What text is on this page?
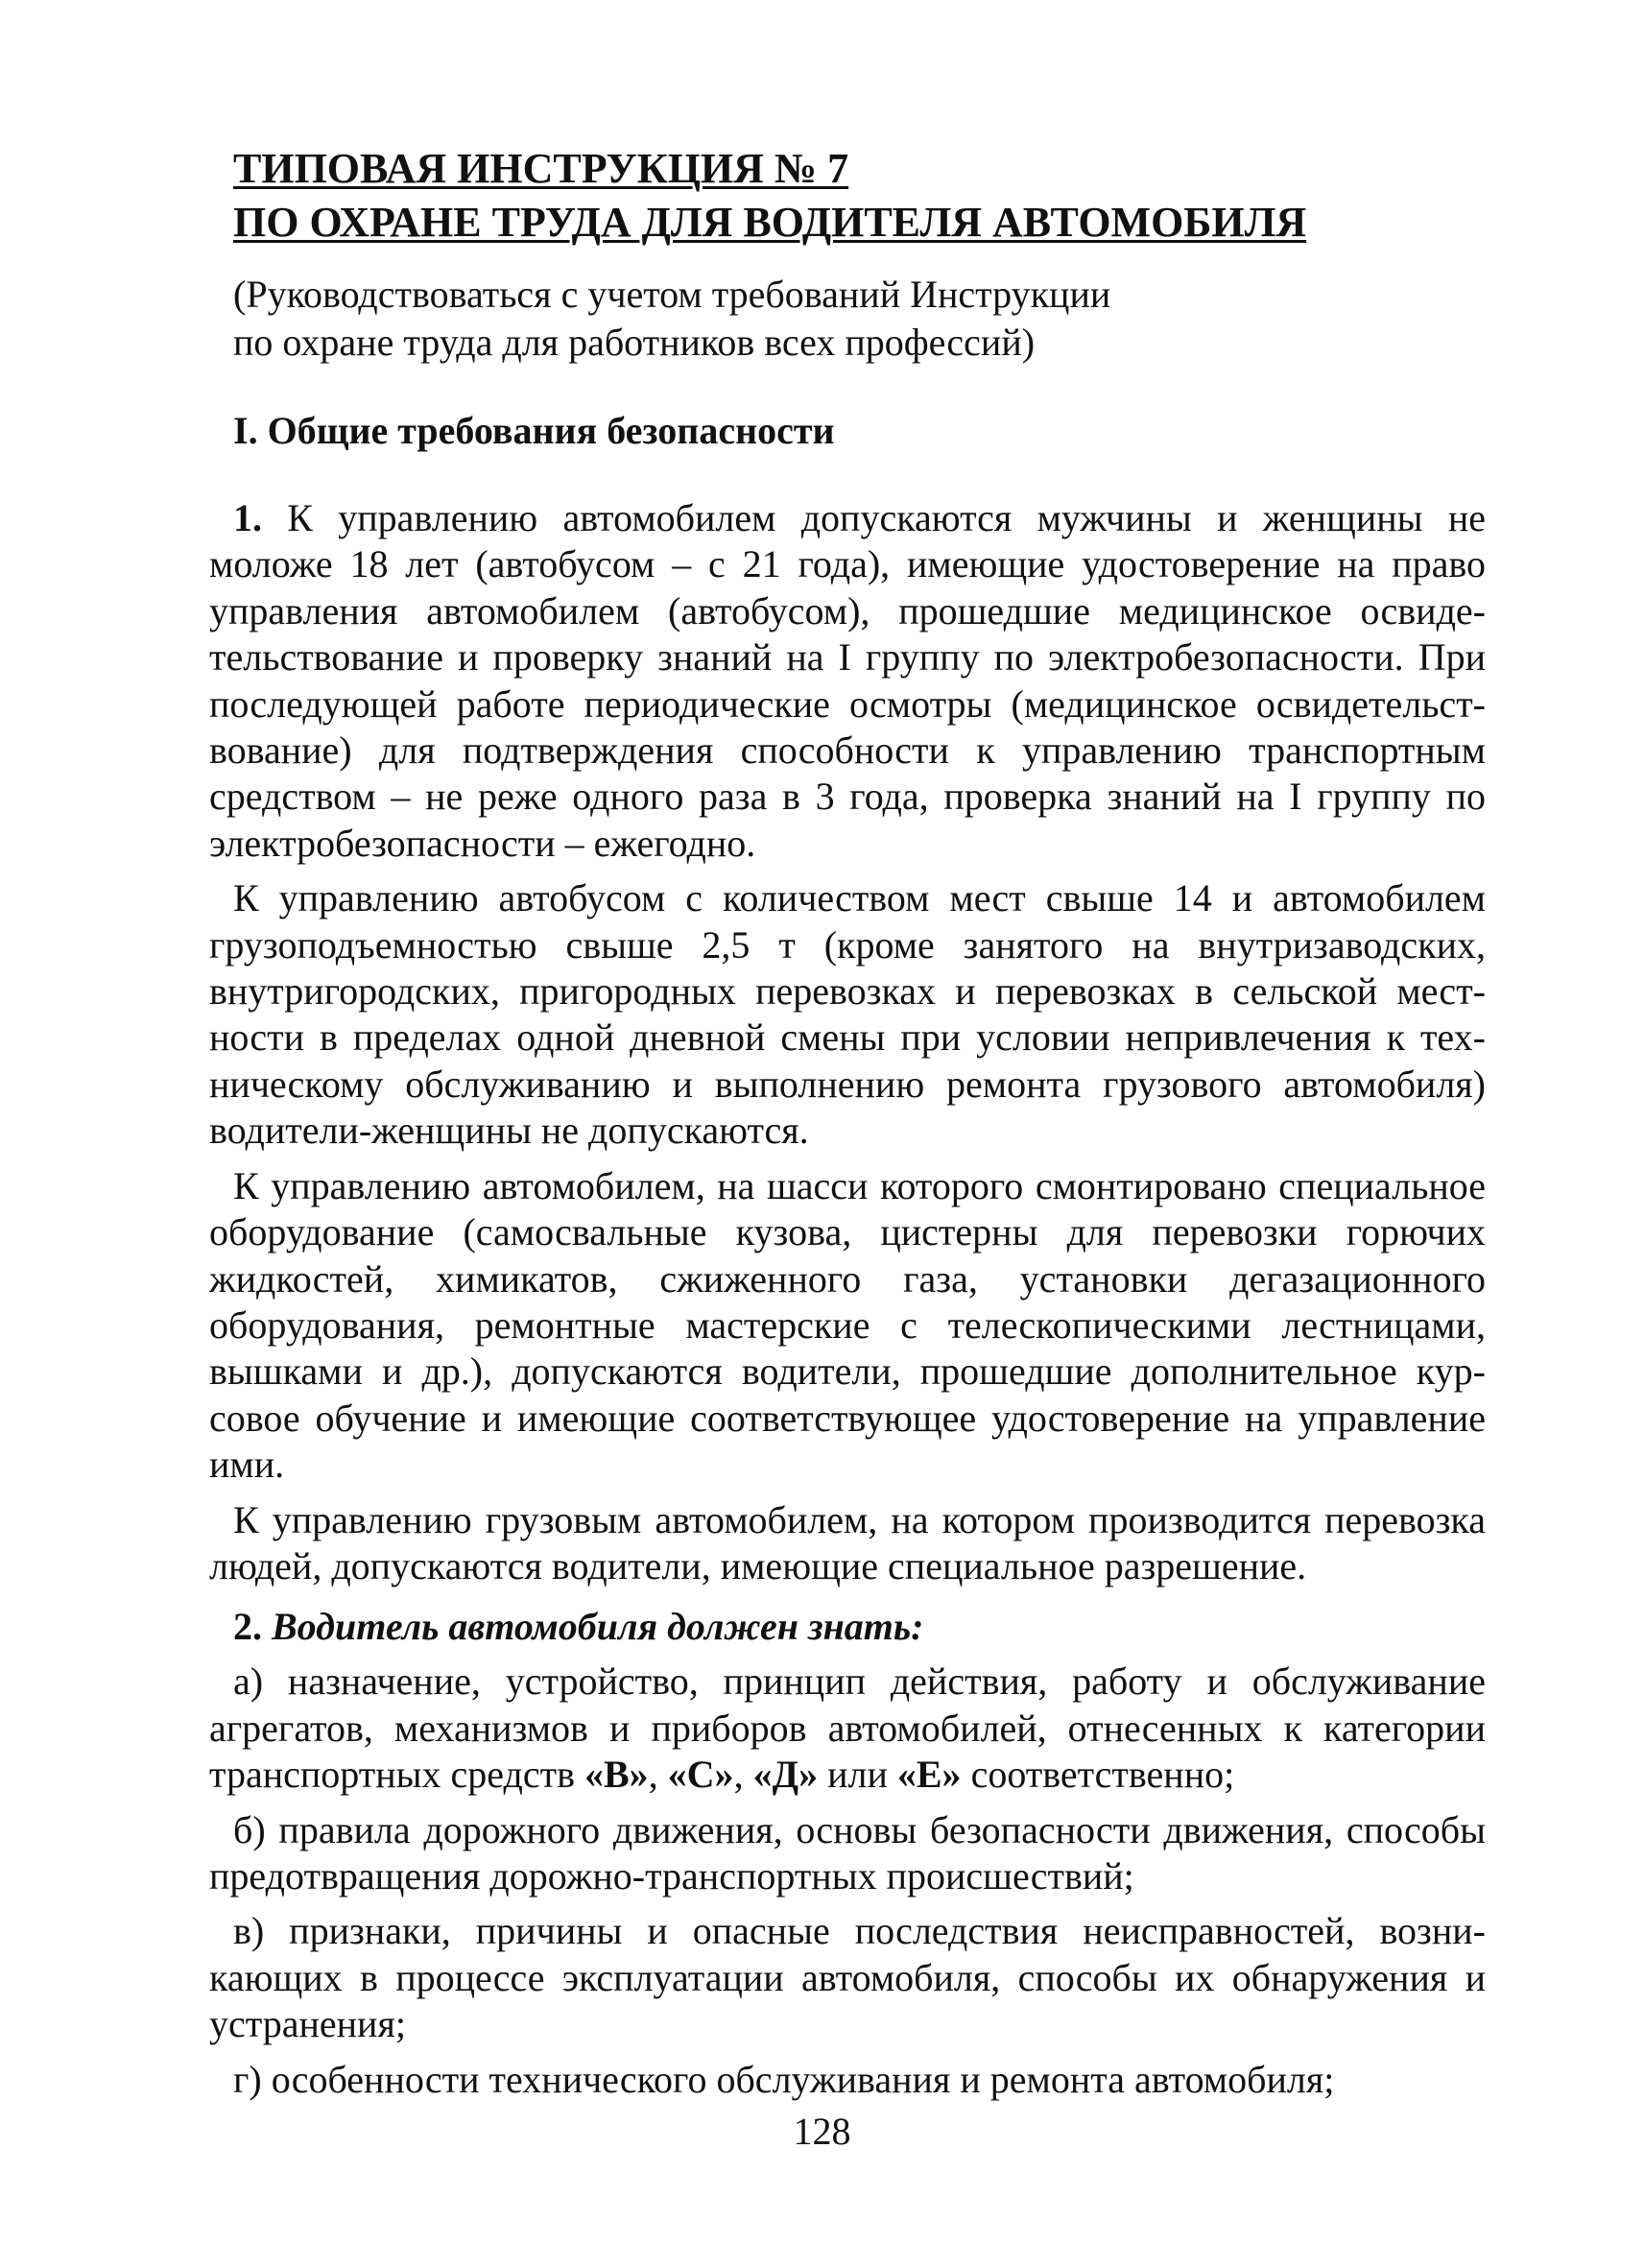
ТИПОВАЯ ИНСТРУКЦИЯ № 7
ПО ОХРАНЕ ТРУДА ДЛЯ ВОДИТЕЛЯ АВТОМОБИЛЯ
(Руководствоваться с учетом требований Инструкции
по охране труда для работников всех профессий)
I. Общие требования безопасности

1. К управлению автомобилем допускаются мужчины и женщины не моложе 18 лет (автобусом – с 21 года), имеющие удостоверение на право управления автомобилем (автобусом), прошедшие медицинское освидетельствование и проверку знаний на I группу по электробезопасности. При последующей работе периодические осмотры (медицинское освидетельствование) для подтверждения способности к управлению транспортным средством – не реже одного раза в 3 года, проверка знаний на I группу по электробезопасности – ежегодно.

К управлению автобусом с количеством мест свыше 14 и автомобилем грузоподъемностью свыше 2,5 т (кроме занятого на внутризаводских, внутригородских, пригородных перевозках и перевозках в сельской местности в пределах одной дневной смены при условии непривлечения к техническому обслуживанию и выполнению ремонта грузового автомобиля) водители-женщины не допускаются.

К управлению автомобилем, на шасси которого смонтировано специальное оборудование (самосвальные кузова, цистерны для перевозки горючих жидкостей, химикатов, сжиженного газа, установки дегазационного оборудования, ремонтные мастерские с телескопическими лестницами, вышками и др.), допускаются водители, прошедшие дополнительное курсовое обучение и имеющие соответствующее удостоверение на управление ими.

К управлению грузовым автомобилем, на котором производится перевозка людей, допускаются водители, имеющие специальное разрешение.

2. Водитель автомобиля должен знать:

а) назначение, устройство, принцип действия, работу и обслуживание агрегатов, механизмов и приборов автомобилей, отнесенных к категории транспортных средств «В», «С», «Д» или «Е» соответственно;

б) правила дорожного движения, основы безопасности движения, способы предотвращения дорожно-транспортных происшествий;

в) признаки, причины и опасные последствия неисправностей, возникающих в процессе эксплуатации автомобиля, способы их обнаружения и устранения;

г) особенности технического обслуживания и ремонта автомобиля;

128
